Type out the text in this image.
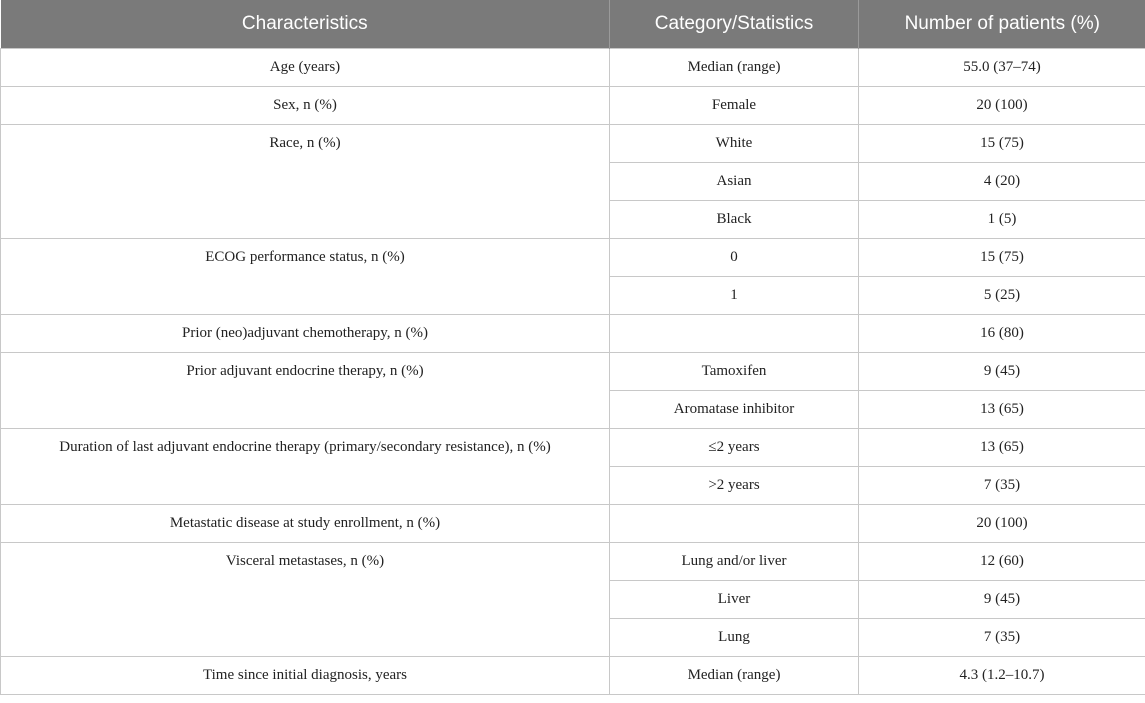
Characteristics	Category/Statistics	Number of patients (%)
Age (years)	Median (range)	55.0 (37–74)
Sex, n (%)	Female	20 (100)
Race, n (%)	White	15 (75)
	Asian	4 (20)
	Black	1 (5)
ECOG performance status, n (%)	0	15 (75)
	1	5 (25)
Prior (neo)adjuvant chemotherapy, n (%)		16 (80)
Prior adjuvant endocrine therapy, n (%)	Tamoxifen	9 (45)
	Aromatase inhibitor	13 (65)
Duration of last adjuvant endocrine therapy (primary/secondary resistance), n (%)	≤2 years	13 (65)
	>2 years	7 (35)
Metastatic disease at study enrollment, n (%)		20 (100)
Visceral metastases, n (%)	Lung and/or liver	12 (60)
	Liver	9 (45)
	Lung	7 (35)
Time since initial diagnosis, years	Median (range)	4.3 (1.2–10.7)
